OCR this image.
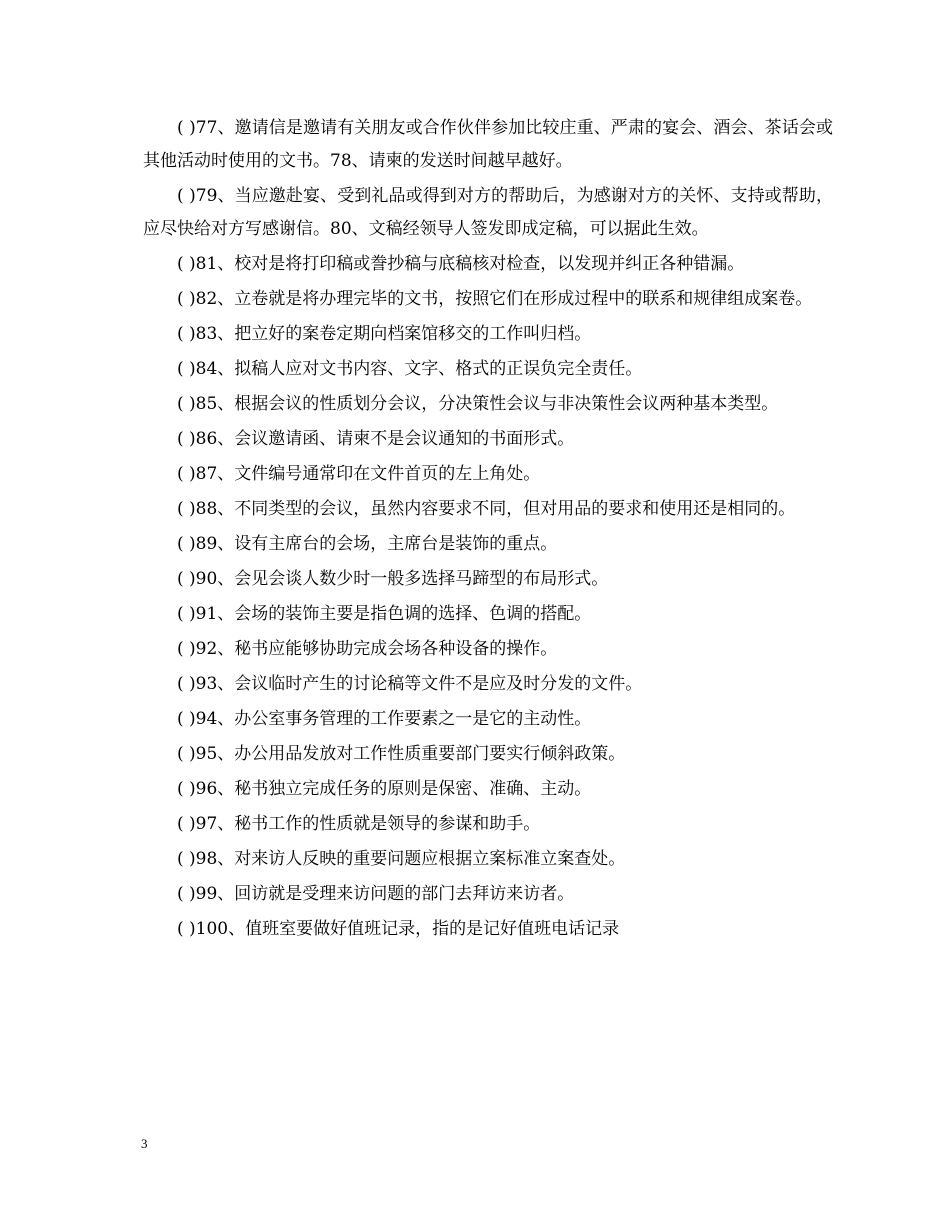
( )77、邀请信是邀请有关朋友或合作伙伴参加比较庄重、严肃的宴会、酒会、茶话会或其他活动时使用的文书。78、请柬的发送时间越早越好。

( )79、当应邀赴宴、受到礼品或得到对方的帮助后，为感谢对方的关怀、支持或帮助，应尽快给对方写感谢信。80、文稿经领导人签发即成定稿，可以据此生效。

( )81、校对是将打印稿或誊抄稿与底稿核对检查，以发现并纠正各种错漏。

( )82、立卷就是将办理完毕的文书，按照它们在形成过程中的联系和规律组成案卷。

( )83、把立好的案卷定期向档案馆移交的工作叫归档。

( )84、拟稿人应对文书内容、文字、格式的正误负完全责任。

( )85、根据会议的性质划分会议，分决策性会议与非决策性会议两种基本类型。

( )86、会议邀请函、请柬不是会议通知的书面形式。

( )87、文件编号通常印在文件首页的左上角处。

( )88、不同类型的会议，虽然内容要求不同，但对用品的要求和使用还是相同的。

( )89、设有主席台的会场，主席台是装饰的重点。

( )90、会见会谈人数少时一般多选择马蹄型的布局形式。

( )91、会场的装饰主要是指色调的选择、色调的搭配。

( )92、秘书应能够协助完成会场各种设备的操作。

( )93、会议临时产生的讨论稿等文件不是应及时分发的文件。

( )94、办公室事务管理的工作要素之一是它的主动性。

( )95、办公用品发放对工作性质重要部门要实行倾斜政策。

( )96、秘书独立完成任务的原则是保密、准确、主动。

( )97、秘书工作的性质就是领导的参谋和助手。

( )98、对来访人反映的重要问题应根据立案标准立案查处。

( )99、回访就是受理来访问题的部门去拜访来访者。

( )100、值班室要做好值班记录，指的是记好值班电话记录

3
